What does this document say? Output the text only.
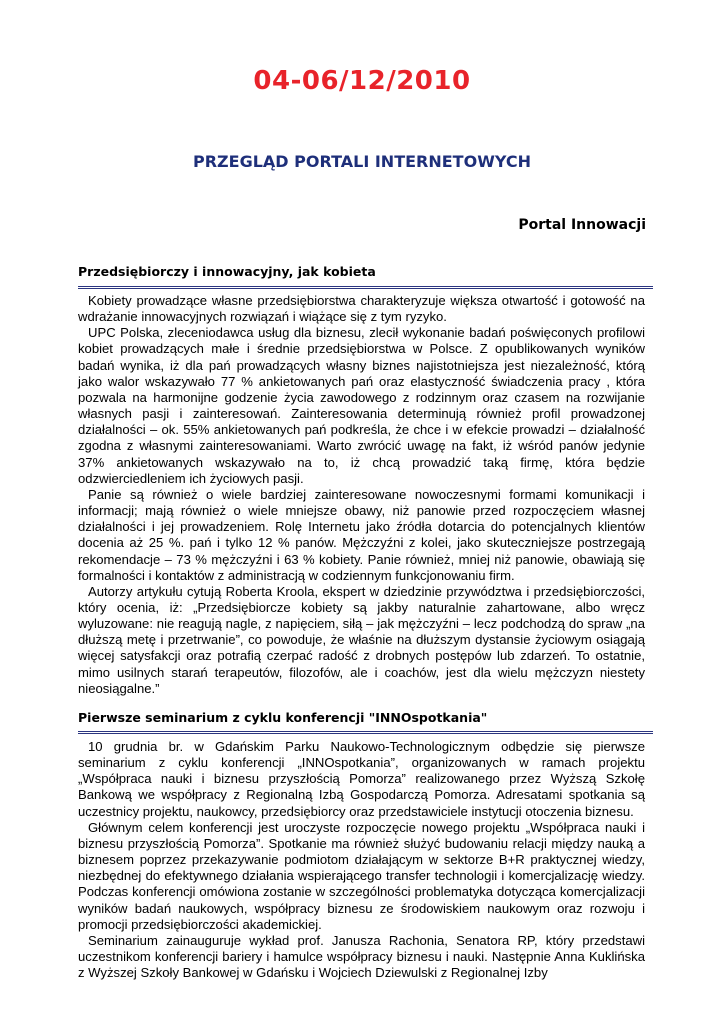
04-06/12/2010
PRZEGLĄD PORTALI INTERNETOWYCH
Portal Innowacji
Przedsiębiorczy i innowacyjny, jak kobieta

Kobiety prowadzące własne przedsiębiorstwa charakteryzuje większa otwartość i gotowość na wdrażanie innowacyjnych rozwiązań i wiążące się z tym ryzyko.

UPC Polska, zleceniodawca usług dla biznesu, zlecił wykonanie badań poświęconych profilowi kobiet prowadzących małe i średnie przedsiębiorstwa w Polsce. Z opublikowanych wyników badań wynika, iż dla pań prowadzących własny biznes najistotniejsza jest niezależność, którą jako walor wskazywało 77 % ankietowanych pań oraz elastyczność świadczenia pracy , która pozwala na harmonijne godzenie życia zawodowego z rodzinnym oraz czasem na rozwijanie własnych pasji i zainteresowań. Zainteresowania determinują również profil prowadzonej działalności – ok. 55% ankietowanych pań podkreśla, że chce i w efekcie prowadzi – działalność zgodna z własnymi zainteresowaniami. Warto zwrócić uwagę na fakt, iż wśród panów jedynie 37% ankietowanych wskazywało na to, iż chcą prowadzić taką firmę, która będzie odzwierciedleniem ich życiowych pasji.

Panie są również o wiele bardziej zainteresowane nowoczesnymi formami komunikacji i informacji; mają również o wiele mniejsze obawy, niż panowie przed rozpoczęciem własnej działalności i jej prowadzeniem. Rolę Internetu jako źródła dotarcia do potencjalnych klientów docenia aż 25 %. pań i tylko 12 % panów. Mężczyźni z kolei, jako skuteczniejsze postrzegają rekomendacje – 73 % mężczyźni i 63 % kobiety. Panie również, mniej niż panowie, obawiają się formalności i kontaktów z administracją w codziennym funkcjonowaniu firm.

Autorzy artykułu cytują Roberta Kroola, ekspert w dziedzinie przywództwa i przedsiębiorczości, który ocenia, iż: „Przedsiębiorcze kobiety są jakby naturalnie zahartowane, albo wręcz wyluzowane: nie reagują nagle, z napięciem, siłą – jak mężczyźni – lecz podchodzą do spraw „na dłuższą metę i przetrwanie”, co powoduje, że właśnie na dłuższym dystansie życiowym osiągają więcej satysfakcji oraz potrafią czerpać radość z drobnych postępów lub zdarzeń. To ostatnie, mimo usilnych starań terapeutów, filozofów, ale i coachów, jest dla wielu mężczyzn niestety nieosiągalne.”

Pierwsze seminarium z cyklu konferencji "INNOspotkania"

10 grudnia br. w Gdańskim Parku Naukowo-Technologicznym odbędzie się pierwsze seminarium z cyklu konferencji „INNOspotkania”, organizowanych w ramach projektu „Współpraca nauki i biznesu przyszłością Pomorza” realizowanego przez Wyższą Szkołę Bankową we współpracy z Regionalną Izbą Gospodarczą Pomorza. Adresatami spotkania są uczestnicy projektu, naukowcy, przedsiębiorcy oraz przedstawiciele instytucji otoczenia biznesu.

Głównym celem konferencji jest uroczyste rozpoczęcie nowego projektu „Współpraca nauki i biznesu przyszłością Pomorza”. Spotkanie ma również służyć budowaniu relacji między nauką a biznesem poprzez przekazywanie podmiotom działającym w sektorze B+R praktycznej wiedzy, niezbędnej do efektywnego działania wspierającego transfer technologii i komercjalizację wiedzy. Podczas konferencji omówiona zostanie w szczególności problematyka dotycząca komercjalizacji wyników badań naukowych, współpracy biznesu ze środowiskiem naukowym oraz rozwoju i promocji przedsiębiorczości akademickiej.

Seminarium zainauguruje wykład prof. Janusza Rachonia, Senatora RP, który przedstawi uczestnikom konferencji bariery i hamulce współpracy biznesu i nauki. Następnie Anna Kuklińska z Wyższej Szkoły Bankowej w Gdańsku i Wojciech Dziewulski z Regionalnej Izby
